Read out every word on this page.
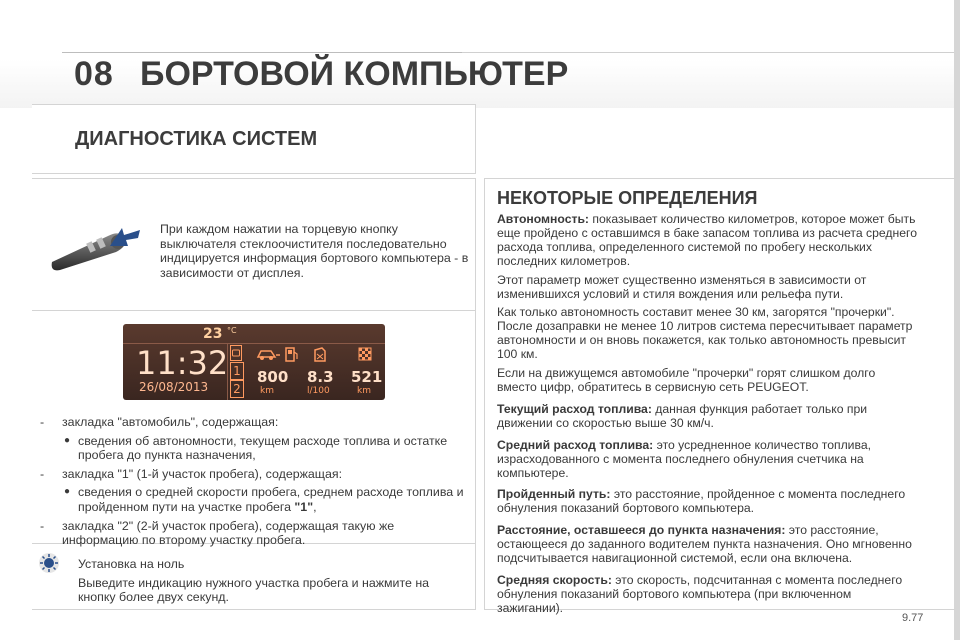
08 БОРТОВОЙ КОМПЬЮТЕР
ДИАГНОСТИКА СИСТЕМ
При каждом нажатии на торцевую кнопку выключателя стеклоочистителя последовательно индицируется информация бортового компьютера - в зависимости от дисплея.
23 °C
11:32
26/08/2013
1
2
800 8.3 521
km	l/100	km
- закладка "автомобиль", содержащая:
● сведения об автономности, текущем расходе топлива и остатке пробега до пункта назначения,
- закладка "1" (1-й участок пробега), содержащая:
● сведения о средней скорости пробега, среднем расходе топлива и пройденном пути на участке пробега "1",
- закладка "2" (2-й участок пробега), содержащая такую же информацию по второму участку пробега.

Установка на ноль

Выведите индикацию нужного участка пробега и нажмите на кнопку более двух секунд.

НЕКОТОРЫЕ ОПРЕДЕЛЕНИЯ

Автономность: показывает количество километров, которое может быть еще пройдено с оставшимся в баке запасом топлива из расчета среднего расхода топлива, определенного системой по пробегу нескольких последних километров.

Этот параметр может существенно изменяться в зависимости от изменившихся условий и стиля вождения или рельефа пути.

Как только автономность составит менее 30 км, загорятся "прочерки". После дозаправки не менее 10 литров система пересчитывает параметр автономности и он вновь покажется, как только автономность превысит 100 км.

Если на движущемся автомобиле "прочерки" горят слишком долго вместо цифр, обратитесь в сервисную сеть PEUGEOT.

Текущий расход топлива: данная функция работает только при движении со скоростью выше 30 км/ч.

Средний расход топлива: это усредненное количество топлива, израсходованного с момента последнего обнуления счетчика на компьютере.

Пройденный путь: это расстояние, пройденное с момента последнего обнуления показаний бортового компьютера.

Расстояние, оставшееся до пункта назначения: это расстояние, остающееся до заданного водителем пункта назначения. Оно мгновенно подсчитывается навигационной системой, если она включена.

Средняя скорость: это скорость, подсчитанная с момента последнего обнуления показаний бортового компьютера (при включенном зажигании).

9.77
